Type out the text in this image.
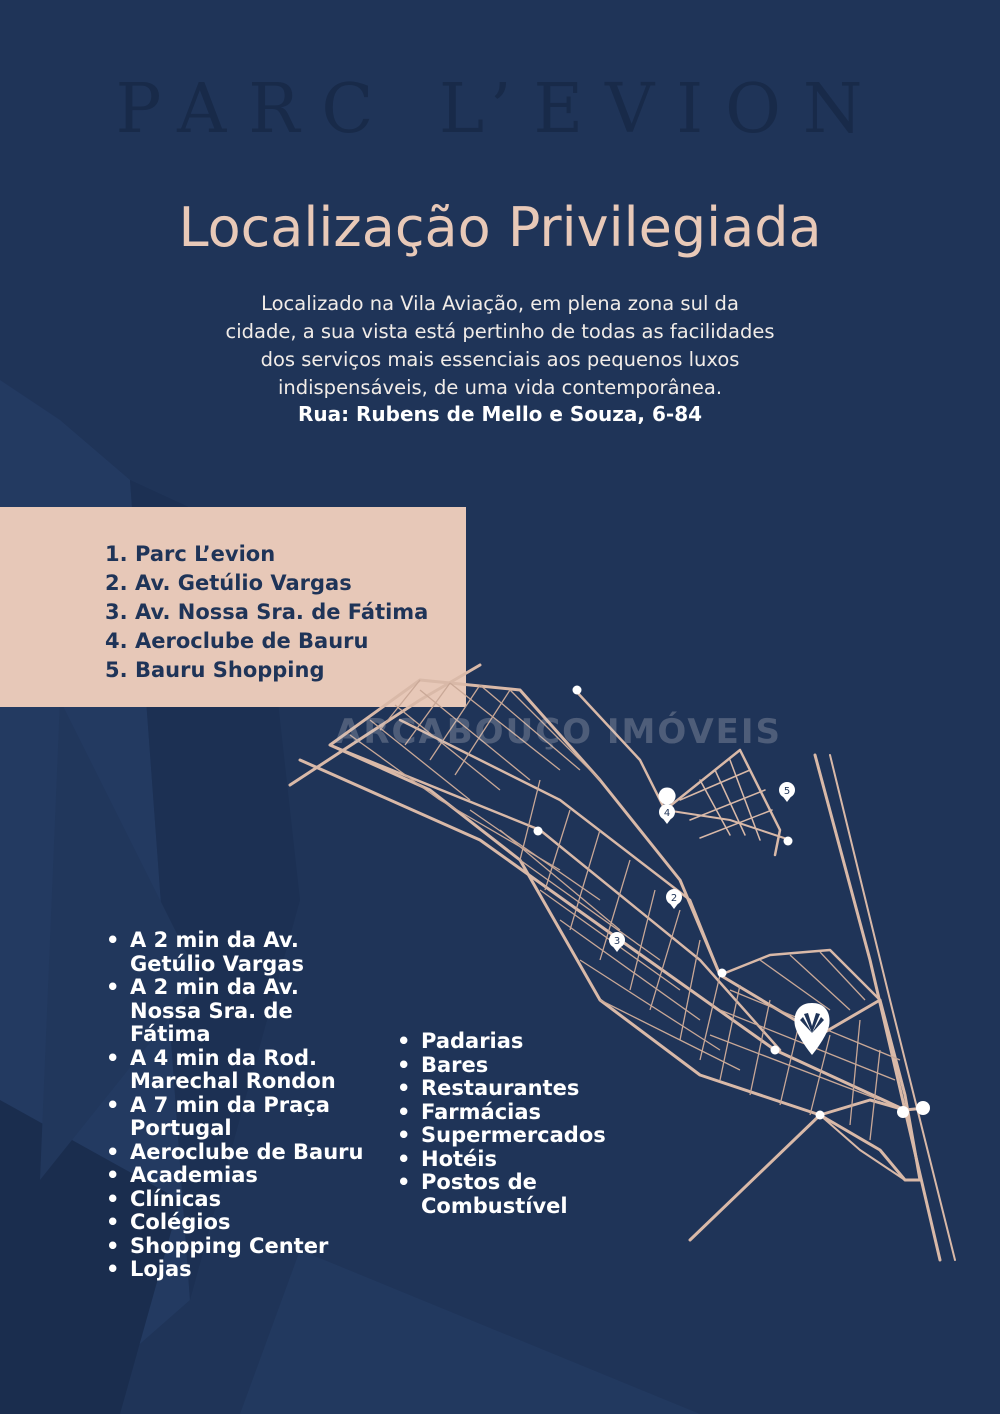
PARC L’EVION
Localização Privilegiada

Localizado na Vila Aviação, em plena zona sul da

cidade, a sua vista está pertinho de todas as facilidades

dos serviços mais essenciais aos pequenos luxos

indispensáveis, de uma vida contemporânea.

Rua: Rubens de Mello e Souza, 6-84
1. Parc L’evion
2. Av. Getúlio Vargas
3. Av. Nossa Sra. de Fátima
4. Aeroclube de Bauru
5. Bauru Shopping
4
5
2
3
ARCABOUÇO IMÓVEIS
• A 2 min da Av.
Getúlio Vargas
• A 2 min da Av.
Nossa Sra. de
Fátima
• A 4 min da Rod.
Marechal Rondon
• A 7 min da Praça
Portugal
• Aeroclube de Bauru
• Academias
• Clínicas
• Colégios
• Shopping Center
• Lojas
• Padarias
• Bares
• Restaurantes
• Farmácias
• Supermercados
• Hotéis
• Postos de
Combustível
